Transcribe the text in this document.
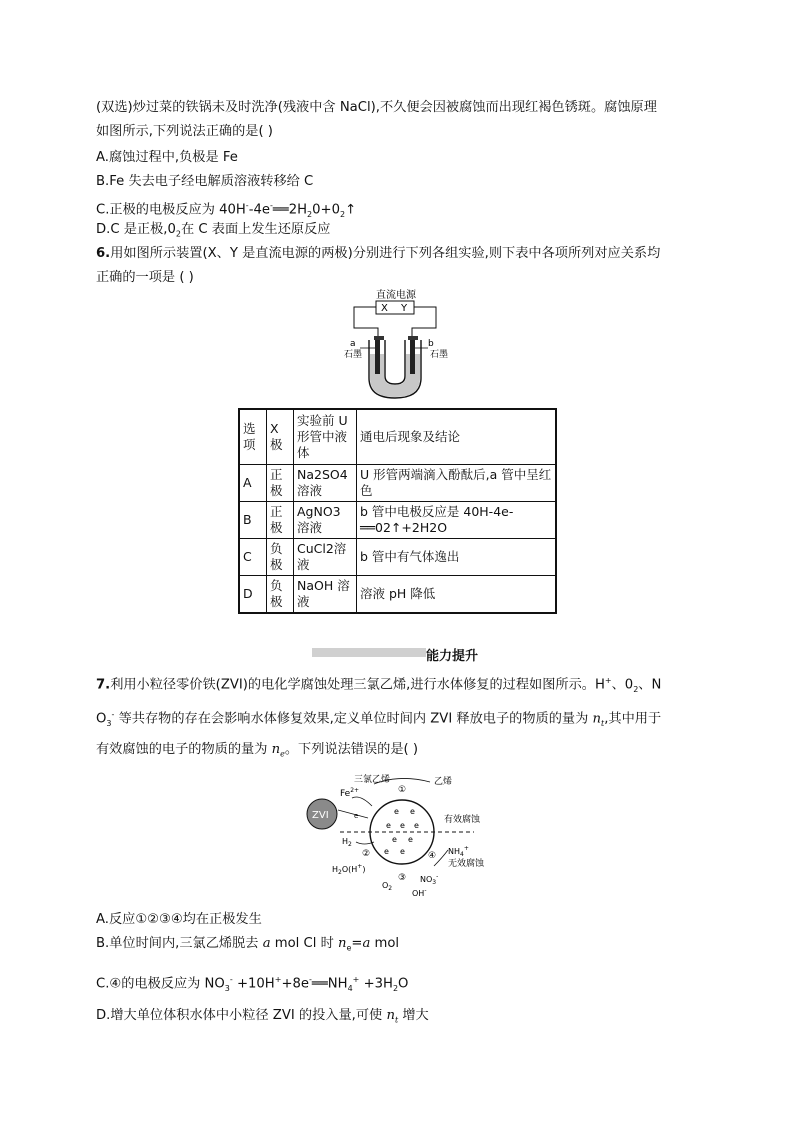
(双选)炒过菜的铁锅未及时洗净(残液中含 NaCl),不久便会因被腐蚀而出现红褐色锈斑。腐蚀原理
如图所示,下列说法正确的是( )
A.腐蚀过程中,负极是 Fe
B.Fe 失去电子经电解质溶液转移给 C
C.正极的电极反应为 $40H^--4e^-══2H_20+0_2↑$
D.C 是正极$,0_2$在 C 表面上发生还原反应
6.用如图所示装置(X、Y 是直流电源的两极)分别进行下列各组实验,则下表中各项所列对应关系均
正确的一项是 ( )
直流电源
X Y
a
石墨
b
石墨
选项	X 极	实验前 U 形管中液体	通电后现象及结论
A	正极	Na2SO4溶液	U 形管两端滴入酚酞后,a 管中呈红色
B	正极	AgNO3溶液	b 管中电极反应是 40H-4e-══02↑+2H2O
C	负极	CuCl2溶液	b 管中有气体逸出
D	负极	NaOH 溶液	溶液 pH 降低
能力提升
7.利用小粒径零价铁(ZVI)的电化学腐蚀处理三氯乙烯,进行水体修复的过程如图所示。H+、$0_2$、N
$O_3^-$ 等共存物的存在会影响水体修复效果,定义单位时间内 ZVI 释放电子的物质的量为 $n_t$,其中用于
有效腐蚀的电子的物质的量为 $n_e$。下列说法错误的是( )
ZVI	e e
e e e
e e
e e
$Fe^{2+}$
e
三氯乙烯
①
乙烯
有效腐蚀
$H_2$
②
$H_2O(H^+)$
③
$O_2$
OH-
$NO_3^-$
$NH_4^+$
④
无效腐蚀
A.反应①②③④均在正极发生
B.单位时间内,三氯乙烯脱去 a mol Cl 时 $n_e=a$ mol
C.④的电极反应为 $NO_3^-$ $+10H^++8e^-══NH_4^+ +3H_2O$
D.增大单位体积水体中小粒径 ZVI 的投入量,可使 $n_t$ 增大
